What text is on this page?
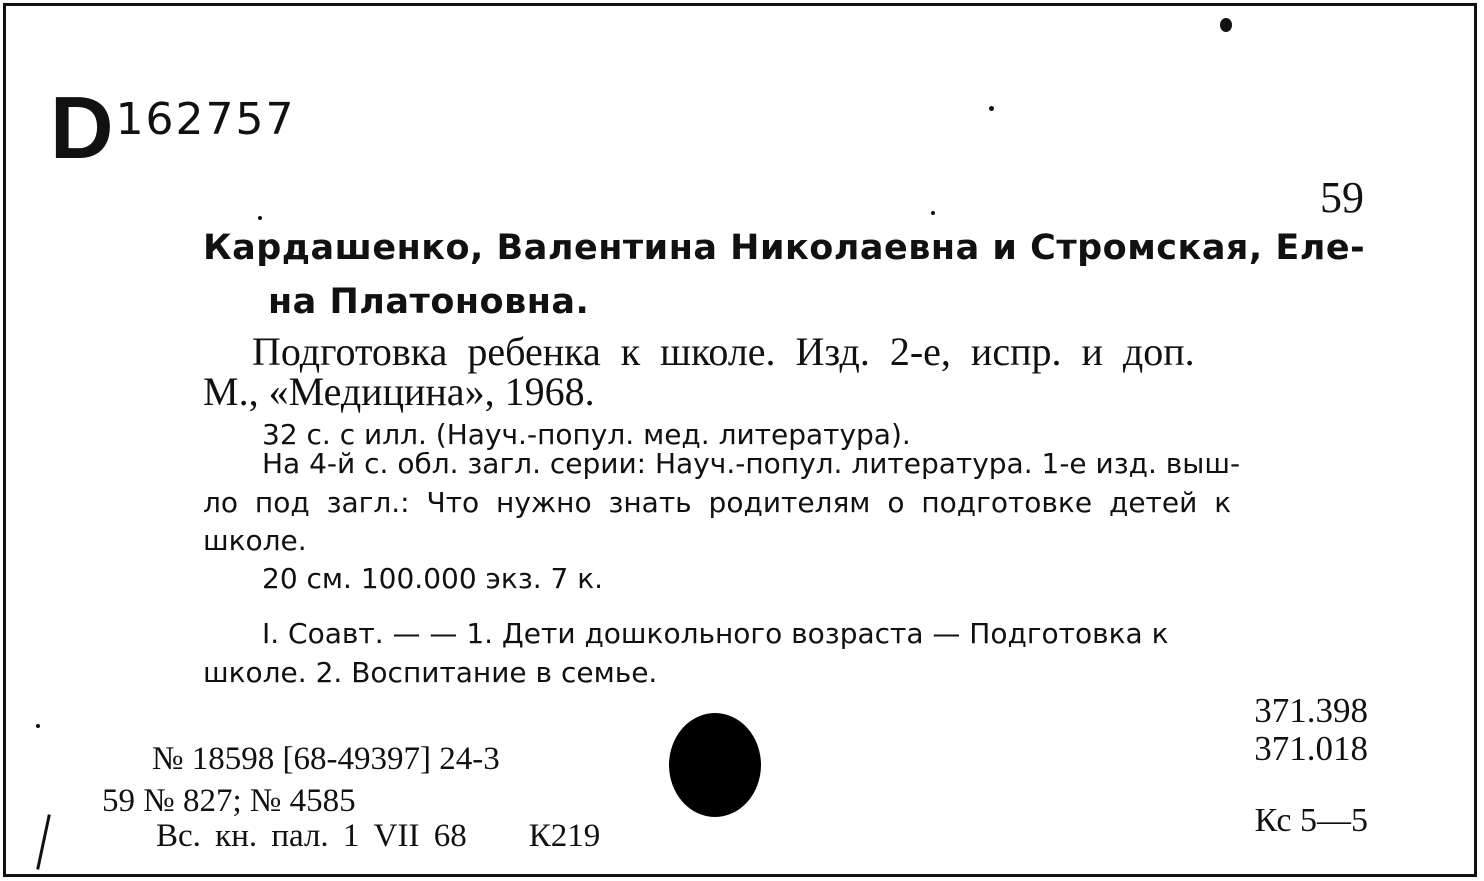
D162757
59
Кардашенко, Валентина Николаевна и Стромская, Еле-
на Платоновна.
Подготовка ребенка к школе. Изд. 2-е, испр. и доп.
М., «Медицина», 1968.
32 с. с илл. (Науч.-попул. мед. литература).
На 4-й с. обл. загл. серии: Науч.-попул. литература. 1-е изд. выш-
ло под загл.: Что нужно знать родителям о подготовке детей к
школе.
20 см. 100.000 экз. 7 к.
I. Соавт. — — 1. Дети дошкольного возраста — Подготовка к
школе. 2. Воспитание в семье.
371.398
371.018
Кс 5—5
№ 18598 [68-49397] 24-3
59 № 827; № 4585
Вс. кн. пал. 1 VII 68 К219
